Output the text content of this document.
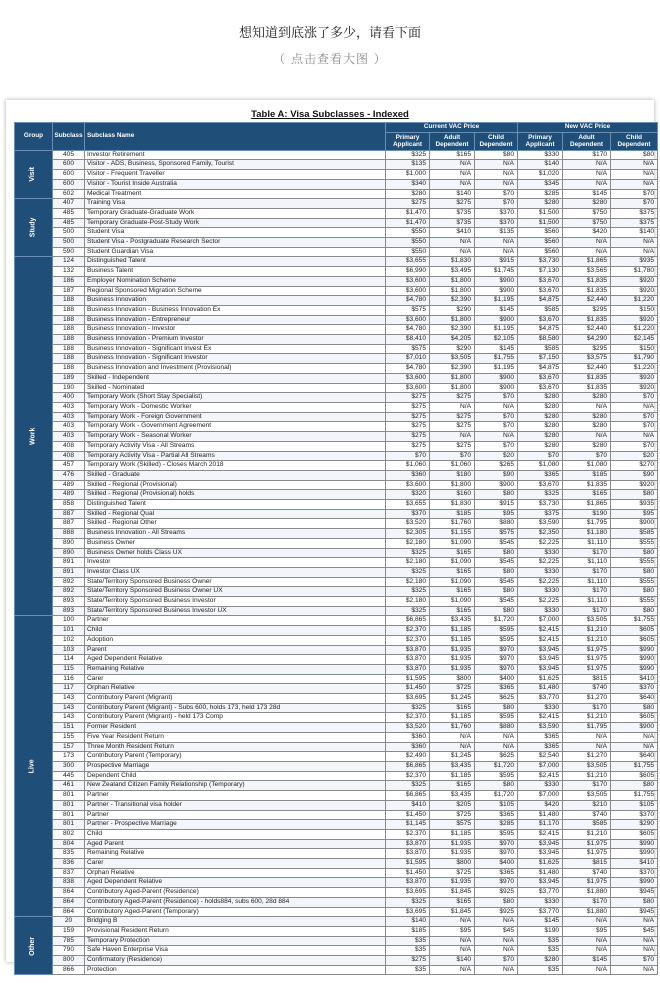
想知道到底涨了多少，请看下面
（ 点击查看大图 ）
Table A: Visa Subclasses - Indexed
Group	Subclass	Subclass Name	Current VAC Price			New VAC Price		
			Primary Applicant	Adult Dependent	Child Dependent	Primary Applicant	Adult Dependent	Child Dependent
Visit	405	Investor Retirement	$325	$165	$80	$330	$170	$80
	600	Visitor - ADS, Business, Sponsored Family, Tourist	$135	N/A	N/A	$140	N/A	N/A
	600	Visitor - Frequent Traveller	$1,000	N/A	N/A	$1,020	N/A	N/A
	600	Visitor - Tourist Inside Australia	$340	N/A	N/A	$345	N/A	N/A
	602	Medical Treatment	$280	$140	$70	$285	$145	$70
Study	407	Training Visa	$275	$275	$70	$280	$280	$70
	485	Temporary Graduate-Graduate Work	$1,470	$735	$370	$1,500	$750	$375
	485	Temporary Graduate-Post-Study Work	$1,470	$735	$370	$1,500	$750	$375
	500	Student Visa	$550	$410	$135	$560	$420	$140
	500	Student Visa - Postgraduate Research Sector	$550	N/A	N/A	$560	N/A	N/A
	590	Student Guardian Visa	$550	N/A	N/A	$560	N/A	N/A
Work	124	Distinguished Talent	$3,655	$1,830	$915	$3,730	$1,865	$935
	132	Business Talent	$6,990	$3,495	$1,745	$7,130	$3,565	$1,780
	186	Employer Nomination Scheme	$3,600	$1,800	$900	$3,670	$1,835	$920
	187	Regional Sponsored Migration Scheme	$3,600	$1,800	$900	$3,670	$1,835	$920
	188	Business Innovation	$4,780	$2,390	$1,195	$4,875	$2,440	$1,220
	188	Business Innovation - Business Innovation Ex	$575	$290	$145	$585	$295	$150
	188	Business Innovation - Entrepreneur	$3,600	$1,800	$900	$3,670	$1,835	$920
	188	Business Innovation - Investor	$4,780	$2,390	$1,195	$4,875	$2,440	$1,220
	188	Business Innovation - Premium Investor	$8,410	$4,205	$2,105	$8,580	$4,290	$2,145
	188	Business Innovation - Significant Invest Ex	$575	$290	$145	$585	$295	$150
	188	Business Innovation - Significant Investor	$7,010	$3,505	$1,755	$7,150	$3,575	$1,790
	188	Business Innovation and Investment (Provisional)	$4,780	$2,390	$1,195	$4,875	$2,440	$1,220
	189	Skilled - Independent	$3,600	$1,800	$900	$3,670	$1,835	$920
	190	Skilled - Nominated	$3,600	$1,800	$900	$3,670	$1,835	$920
	400	Temporary Work (Short Stay Specialist)	$275	$275	$70	$280	$280	$70
	403	Temporary Work - Domestic Worker	$275	N/A	N/A	$280	N/A	N/A
	403	Temporary Work - Foreign Government	$275	$275	$70	$280	$280	$70
	403	Temporary Work - Government Agreement	$275	$275	$70	$280	$280	$70
	403	Temporary Work - Seasonal Worker	$275	N/A	N/A	$280	N/A	N/A
	408	Temporary Activity Visa - All Streams	$275	$275	$70	$280	$280	$70
	408	Temporary Activity Visa - Partial All Streams	$70	$70	$20	$70	$70	$20
	457	Temporary Work (Skilled) - Closes March 2018	$1,060	$1,060	$265	$1,080	$1,080	$270
	476	Skilled - Graduate	$360	$180	$90	$365	$185	$90
	489	Skilled - Regional (Provisional)	$3,600	$1,800	$900	$3,670	$1,835	$920
	489	Skilled - Regional (Provisional) holds	$320	$160	$80	$325	$165	$80
	858	Distinguished Talent	$3,655	$1,830	$915	$3,730	$1,865	$935
	887	Skilled - Regional Qual	$370	$185	$95	$375	$190	$95
	887	Skilled - Regional Other	$3,520	$1,760	$880	$3,590	$1,795	$900
	888	Business Innovation - All Streams	$2,305	$1,155	$575	$2,350	$1,180	$585
	890	Business Owner	$2,180	$1,090	$545	$2,225	$1,110	$555
	890	Business Owner holds Class UX	$325	$165	$80	$330	$170	$80
	891	Investor	$2,180	$1,090	$545	$2,225	$1,110	$555
	891	Investor Class UX	$325	$165	$80	$330	$170	$80
	892	State/Territory Sponsored Business Owner	$2,180	$1,090	$545	$2,225	$1,110	$555
	892	State/Territory Sponsored Business Owner UX	$325	$165	$80	$330	$170	$80
	893	State/Territory Sponsored Business Investor	$2,180	$1,090	$545	$2,225	$1,110	$555
	893	State/Territory Sponsored Business Investor UX	$325	$165	$80	$330	$170	$80
Live	100	Partner	$6,865	$3,435	$1,720	$7,000	$3,505	$1,755
	101	Child	$2,370	$1,185	$595	$2,415	$1,210	$605
	102	Adoption	$2,370	$1,185	$595	$2,415	$1,210	$605
	103	Parent	$3,870	$1,935	$970	$3,945	$1,975	$990
	114	Aged Dependent Relative	$3,870	$1,935	$970	$3,945	$1,975	$990
	115	Remaining Relative	$3,870	$1,935	$970	$3,945	$1,975	$990
	116	Carer	$1,595	$800	$400	$1,625	$815	$410
	117	Orphan Relative	$1,450	$725	$365	$1,480	$740	$370
	143	Contributory Parent (Migrant)	$3,695	$1,245	$625	$3,770	$1,270	$640
	143	Contributory Parent (Migrant) - Subs 600, holds 173, held 173 28d	$325	$165	$80	$330	$170	$80
	143	Contributory Parent (Migrant) - held 173 Comp	$2,370	$1,185	$595	$2,415	$1,210	$605
	151	Former Resident	$3,520	$1,760	$880	$3,590	$1,795	$900
	155	Five Year Resident Return	$360	N/A	N/A	$365	N/A	N/A
	157	Three Month Resident Return	$360	N/A	N/A	$365	N/A	N/A
	173	Contributory Parent (Temporary)	$2,490	$1,245	$625	$2,540	$1,270	$640
	300	Prospective Marriage	$6,865	$3,435	$1,720	$7,000	$3,505	$1,755
	445	Dependent Child	$2,370	$1,185	$595	$2,415	$1,210	$605
	461	New Zealand Citizen Family Relationship (Temporary)	$325	$165	$80	$330	$170	$80
	801	Partner	$6,865	$3,435	$1,720	$7,000	$3,505	$1,755
	801	Partner - Transitional visa holder	$410	$205	$105	$420	$210	$105
	801	Partner	$1,450	$725	$365	$1,480	$740	$370
	801	Partner - Prospective Marriage	$1,145	$575	$285	$1,170	$585	$290
	802	Child	$2,370	$1,185	$595	$2,415	$1,210	$605
	804	Aged Parent	$3,870	$1,935	$970	$3,945	$1,975	$990
	835	Remaining Relative	$3,870	$1,935	$970	$3,945	$1,975	$990
	836	Carer	$1,595	$800	$400	$1,625	$815	$410
	837	Orphan Relative	$1,450	$725	$365	$1,480	$740	$370
	838	Aged Dependent Relative	$3,870	$1,935	$970	$3,945	$1,975	$990
	864	Contributory Aged-Parent (Residence)	$3,695	$1,845	$925	$3,770	$1,880	$945
	864	Contributory Aged-Parent (Residence) - holds884, subs 600, 28d 884	$325	$165	$80	$330	$170	$80
	864	Contributory Aged-Parent (Temporary)	$3,695	$1,845	$925	$3,770	$1,880	$945
Other	20	Bridging B	$140	N/A	N/A	$145	N/A	N/A
	159	Provisional Resident Return	$185	$95	$45	$190	$95	$45
	785	Temporary Protection	$35	N/A	N/A	$35	N/A	N/A
	790	Safe Haven Enterprise Visa	$35	N/A	N/A	$35	N/A	N/A
	800	Confirmatory (Residence)	$275	$140	$70	$280	$145	$70
	866	Protection	$35	N/A	N/A	$35	N/A	N/A
